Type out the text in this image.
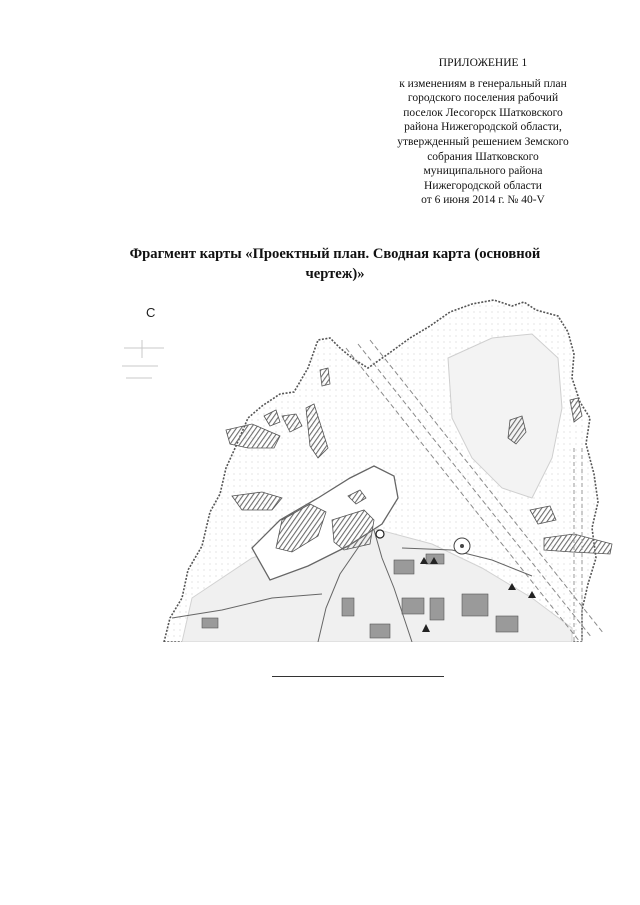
ПРИЛОЖЕНИЕ 1
к изменениям в генеральный план
городского поселения рабочий
поселок Лесогорск Шатковского
района Нижегородской области,
утвержденный решением Земского
собрания Шатковского
муниципального района
Нижегородской области
от 6 июня 2014 г. № 40-V
Фрагмент карты «Проектный план. Сводная карта (основной
чертеж)»
С
